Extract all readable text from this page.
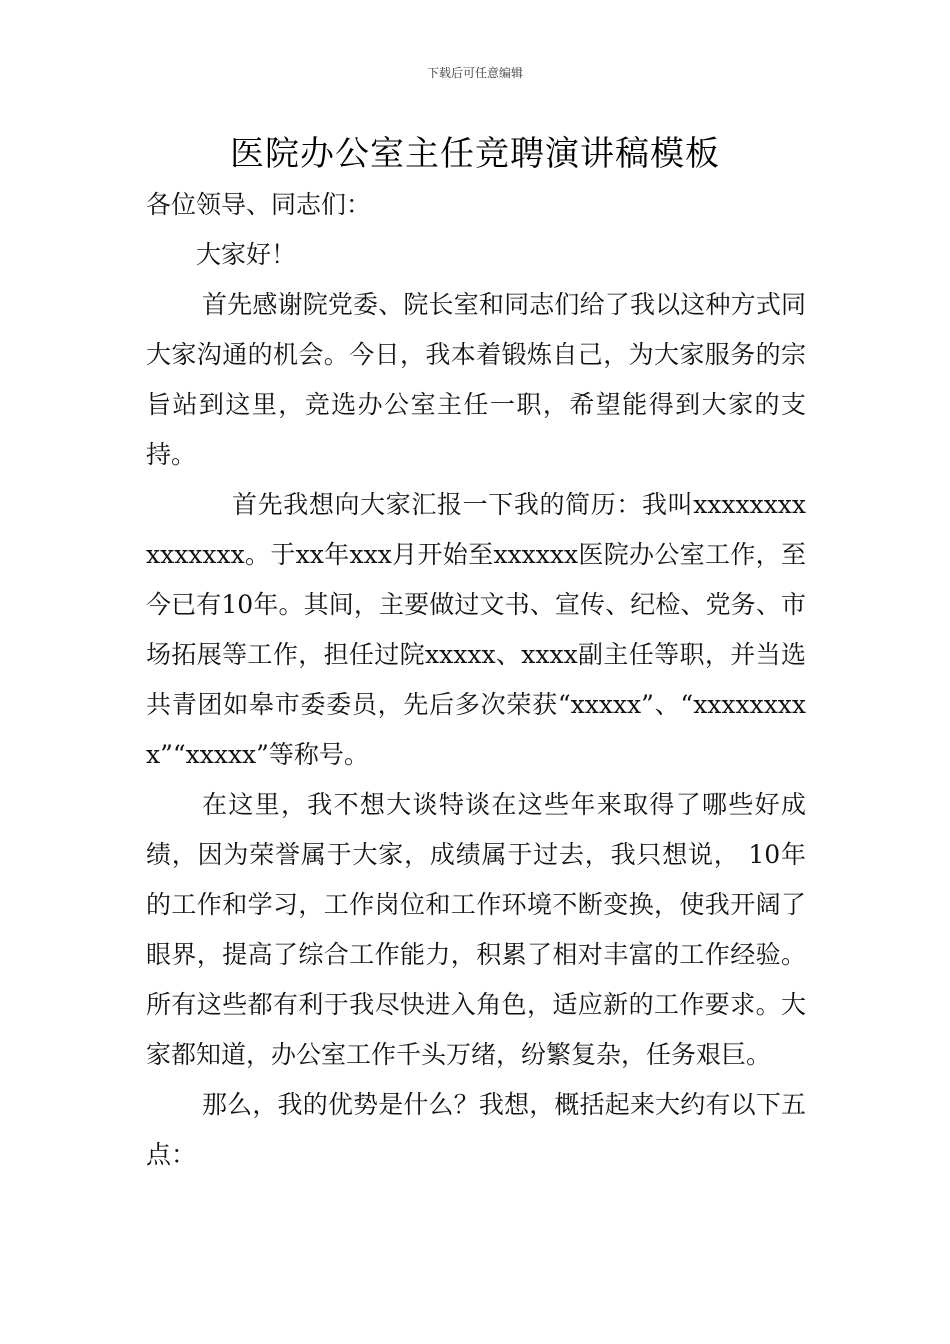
下载后可任意编辑
医院办公室主任竞聘演讲稿模板

各位领导、同志们：

大家好！

首先感谢院党委、院长室和同志们给了我以这种方式同大家沟通的机会。今日，我本着锻炼自己，为大家服务的宗旨站到这里，竞选办公室主任一职，希望能得到大家的支持。

首先我想向大家汇报一下我的简历：我叫xxxxxxxxxxxxxxx。于xx年xxx月开始至xxxxxx医院办公室工作，至今已有10年。其间，主要做过文书、宣传、纪检、党务、市场拓展等工作，担任过院xxxxx、xxxx副主任等职，并当选共青团如皋市委委员，先后多次荣获“xxxxx”、“xxxxxxxxx”“xxxxx”等称号。

在这里，我不想大谈特谈在这些年来取得了哪些好成绩，因为荣誉属于大家，成绩属于过去，我只想说， 10年的工作和学习，工作岗位和工作环境不断变换，使我开阔了眼界，提高了综合工作能力，积累了相对丰富的工作经验。所有这些都有利于我尽快进入角色，适应新的工作要求。大家都知道，办公室工作千头万绪，纷繁复杂，任务艰巨。

那么，我的优势是什么？我想，概括起来大约有以下五点：
